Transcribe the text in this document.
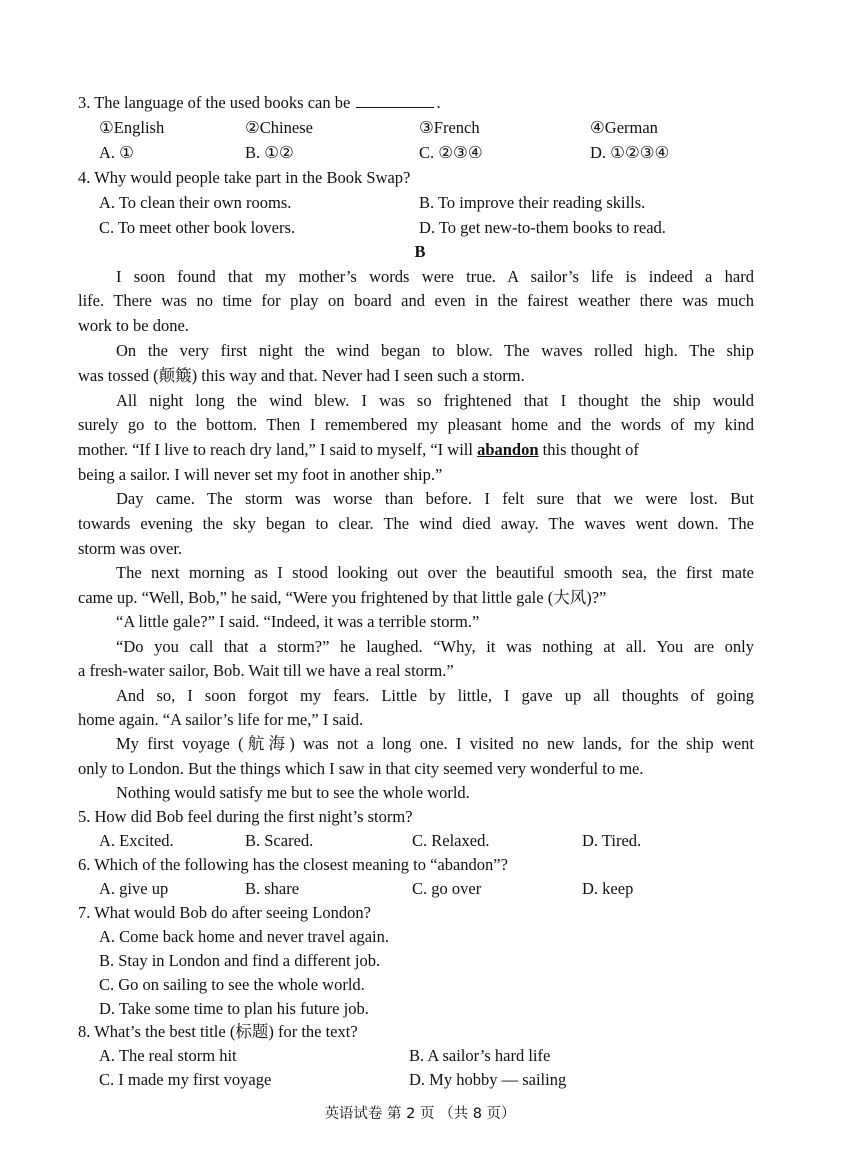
3. The language of the used books can be	.
①English	②Chinese	③French	④German
A. ①	B. ①②	C. ②③④	D. ①②③④
4. Why would people take part in the Book Swap?
A. To clean their own rooms.	B. To improve their reading skills.
C. To meet other book lovers.	D. To get new-to-them books to read.
B
I soon found that my mother’s words were true. A sailor’s life is indeed a hard
life. There was no time for play on board and even in the fairest weather there was much
work to be done.
On the very first night the wind began to blow. The waves rolled high. The ship
was tossed (颠簸) this way and that. Never had I seen such a storm.
All night long the wind blew. I was so frightened that I thought the ship would
surely go to the bottom. Then I remembered my pleasant home and the words of my kind
mother. “If I live to reach dry land,” I said to myself, “I will abandon this thought of
being a sailor. I will never set my foot in another ship.”
Day came. The storm was worse than before. I felt sure that we were lost. But
towards evening the sky began to clear. The wind died away. The waves went down. The
storm was over.
The next morning as I stood looking out over the beautiful smooth sea, the first mate
came up. “Well, Bob,” he said, “Were you frightened by that little gale (大风)?”
“A little gale?” I said. “Indeed, it was a terrible storm.”
“Do you call that a storm?” he laughed. “Why, it was nothing at all. You are only
a fresh-water sailor, Bob. Wait till we have a real storm.”
And so, I soon forgot my fears. Little by little, I gave up all thoughts of going
home again. “A sailor’s life for me,” I said.
My first voyage (航海) was not a long one. I visited no new lands, for the ship went
only to London. But the things which I saw in that city seemed very wonderful to me.
Nothing would satisfy me but to see the whole world.
5. How did Bob feel during the first night’s storm?
A. Excited.	B. Scared.	C. Relaxed.	D. Tired.
6. Which of the following has the closest meaning to “abandon”?
A. give up	B. share	C. go over	D. keep
7. What would Bob do after seeing London?
A. Come back home and never travel again.
B. Stay in London and find a different job.
C. Go on sailing to see the whole world.
D. Take some time to plan his future job.
8. What’s the best title (标题) for the text?
A. The real storm hit	B. A sailor’s hard life
C. I made my first voyage	D. My hobby — sailing
英语试卷 第 2 页 （共 8 页）
